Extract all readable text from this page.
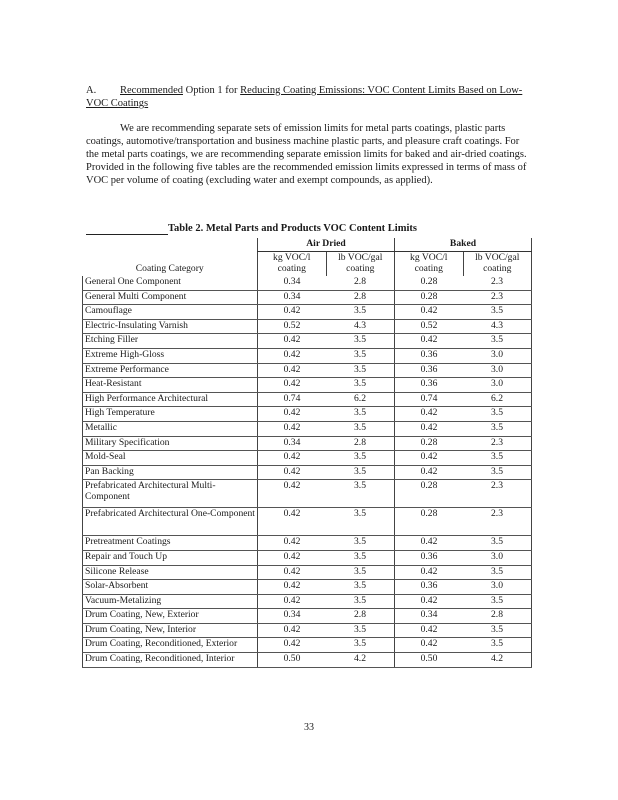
A. Recommended Option 1 for Reducing Coating Emissions: VOC Content Limits Based on Low-VOC Coatings

We are recommending separate sets of emission limits for metal parts coatings, plastic parts coatings, automotive/transportation and business machine plastic parts, and pleasure craft coatings. For the metal parts coatings, we are recommending separate emission limits for baked and air-dried coatings. Provided in the following five tables are the recommended emission limits expressed in terms of mass of VOC per volume of coating (excluding water and exempt compounds, as applied).

Table 2. Metal Parts and Products VOC Content Limits
Coating Category	Air Dried		Baked	
	kg VOC/l coating	lb VOC/gal coating	kg VOC/l coating	lb VOC/gal coating
General One Component	0.34	2.8	0.28	2.3
General Multi Component	0.34	2.8	0.28	2.3
Camouflage	0.42	3.5	0.42	3.5
Electric-Insulating Varnish	0.52	4.3	0.52	4.3
Etching Filler	0.42	3.5	0.42	3.5
Extreme High-Gloss	0.42	3.5	0.36	3.0
Extreme Performance	0.42	3.5	0.36	3.0
Heat-Resistant	0.42	3.5	0.36	3.0
High Performance Architectural	0.74	6.2	0.74	6.2
High Temperature	0.42	3.5	0.42	3.5
Metallic	0.42	3.5	0.42	3.5
Military Specification	0.34	2.8	0.28	2.3
Mold-Seal	0.42	3.5	0.42	3.5
Pan Backing	0.42	3.5	0.42	3.5
Prefabricated Architectural Multi-Component	0.42	3.5	0.28	2.3
Prefabricated Architectural One-Component	0.42	3.5	0.28	2.3
Pretreatment Coatings	0.42	3.5	0.42	3.5
Repair and Touch Up	0.42	3.5	0.36	3.0
Silicone Release	0.42	3.5	0.42	3.5
Solar-Absorbent	0.42	3.5	0.36	3.0
Vacuum-Metalizing	0.42	3.5	0.42	3.5
Drum Coating, New, Exterior	0.34	2.8	0.34	2.8
Drum Coating, New, Interior	0.42	3.5	0.42	3.5
Drum Coating, Reconditioned, Exterior	0.42	3.5	0.42	3.5
Drum Coating, Reconditioned, Interior	0.50	4.2	0.50	4.2
33
